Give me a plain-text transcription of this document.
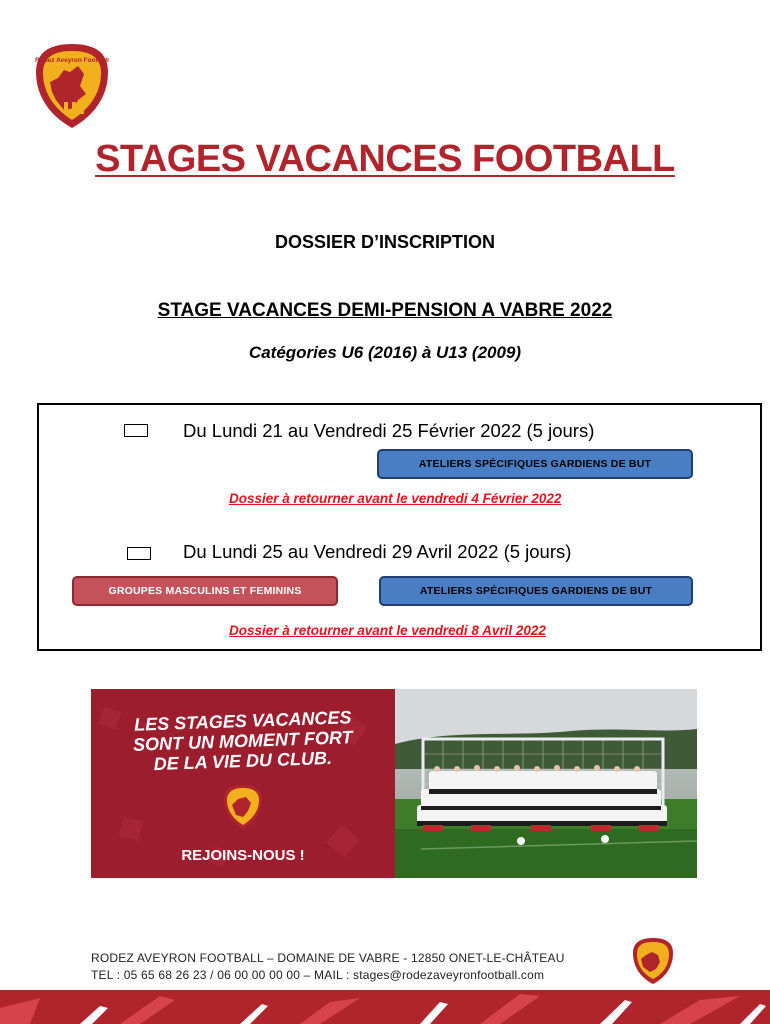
Rodez Aveyron Football
STAGES VACANCES FOOTBALL
DOSSIER D’INSCRIPTION
STAGE VACANCES DEMI-PENSION A VABRE 2022
Catégories U6 (2016) à U13 (2009)
Du Lundi 21 au Vendredi 25 Février 2022 (5 jours)
ATELIERS SPÉCIFIQUES GARDIENS DE BUT
Dossier à retourner avant le vendredi 4 Février 2022
Du Lundi 25 au Vendredi 29 Avril 2022 (5 jours)
GROUPES MASCULINS ET FEMININS	ATELIERS SPÉCIFIQUES GARDIENS DE BUT
Dossier à retourner avant le vendredi 8 Avril 2022
LES STAGES VACANCES
SONT UN MOMENT FORT
DE LA VIE DU CLUB.
REJOINS-NOUS !
RODEZ AVEYRON FOOTBALL – DOMAINE DE VABRE - 12850 ONET-LE-CHÂTEAU
TEL : 05 65 68 26 23 / 06 00 00 00 00 – MAIL : stages@rodezaveyronfootball.com
